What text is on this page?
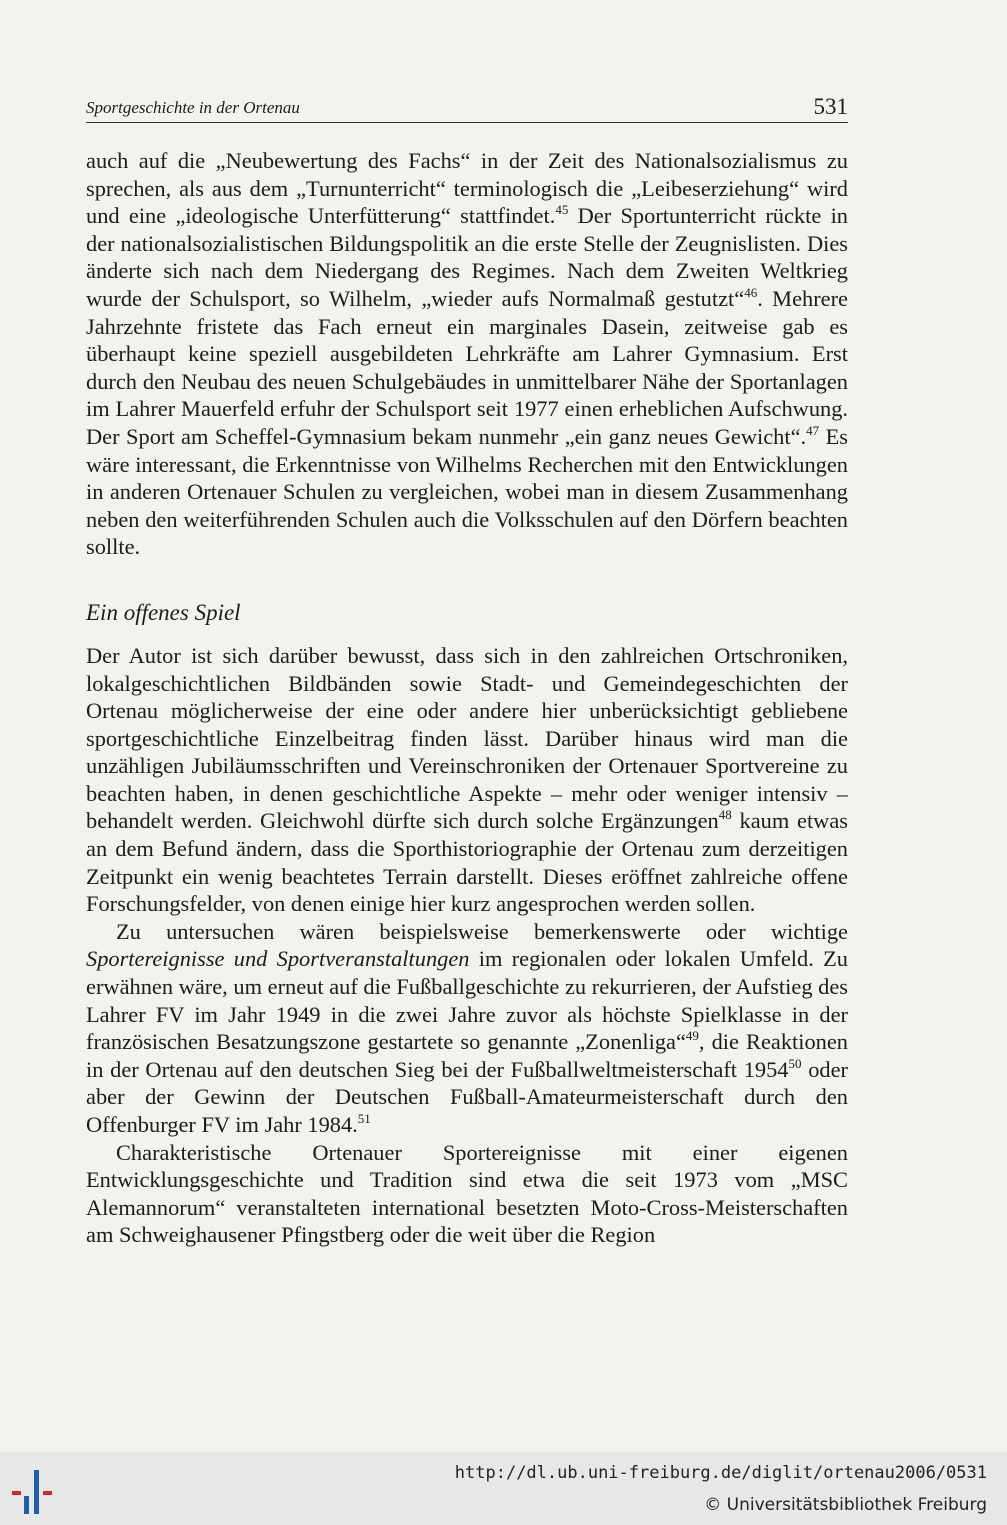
Sportgeschichte in der Ortenau	531

auch auf die „Neubewertung des Fachs“ in der Zeit des Nationalsozialismus zu sprechen, als aus dem „Turnunterricht“ terminologisch die „Leibeserziehung“ wird und eine „ideologische Unterfütterung“ stattfindet.$^{45}$ Der Sportunterricht rückte in der nationalsozialistischen Bildungspolitik an die erste Stelle der Zeugnislisten. Dies änderte sich nach dem Niedergang des Regimes. Nach dem Zweiten Weltkrieg wurde der Schulsport, so Wilhelm, „wieder aufs Normalmaß gestutzt“$^{46}$. Mehrere Jahrzehnte fristete das Fach erneut ein marginales Dasein, zeitweise gab es überhaupt keine speziell ausgebildeten Lehrkräfte am Lahrer Gymnasium. Erst durch den Neubau des neuen Schulgebäudes in unmittelbarer Nähe der Sportanlagen im Lahrer Mauerfeld erfuhr der Schulsport seit 1977 einen erheblichen Aufschwung. Der Sport am Scheffel-Gymnasium bekam nunmehr „ein ganz neues Gewicht“.$^{47}$ Es wäre interessant, die Erkenntnisse von Wilhelms Recherchen mit den Entwicklungen in anderen Ortenauer Schulen zu vergleichen, wobei man in diesem Zusammenhang neben den weiterführenden Schulen auch die Volksschulen auf den Dörfern beachten sollte.

Ein offenes Spiel

Der Autor ist sich darüber bewusst, dass sich in den zahlreichen Ortschroniken, lokalgeschichtlichen Bildbänden sowie Stadt- und Gemeindegeschichten der Ortenau möglicherweise der eine oder andere hier unberücksichtigt gebliebene sportgeschichtliche Einzelbeitrag finden lässt. Darüber hinaus wird man die unzähligen Jubiläumsschriften und Vereinschroniken der Ortenauer Sportvereine zu beachten haben, in denen geschichtliche Aspekte – mehr oder weniger intensiv – behandelt werden. Gleichwohl dürfte sich durch solche Ergänzungen$^{48}$ kaum etwas an dem Befund ändern, dass die Sporthistoriographie der Ortenau zum derzeitigen Zeitpunkt ein wenig beachtetes Terrain darstellt. Dieses eröffnet zahlreiche offene Forschungsfelder, von denen einige hier kurz angesprochen werden sollen.

Zu untersuchen wären beispielsweise bemerkenswerte oder wichtige Sportereignisse und Sportveranstaltungen im regionalen oder lokalen Umfeld. Zu erwähnen wäre, um erneut auf die Fußballgeschichte zu rekurrieren, der Aufstieg des Lahrer FV im Jahr 1949 in die zwei Jahre zuvor als höchste Spielklasse in der französischen Besatzungszone gestartete so genannte „Zonenliga“$^{49}$, die Reaktionen in der Ortenau auf den deutschen Sieg bei der Fußballweltmeisterschaft 1954$^{50}$ oder aber der Gewinn der Deutschen Fußball-Amateurmeisterschaft durch den Offenburger FV im Jahr 1984.51

Charakteristische Ortenauer Sportereignisse mit einer eigenen Entwicklungsgeschichte und Tradition sind etwa die seit 1973 vom „MSC Alemannorum“ veranstalteten international besetzten Moto-Cross-Meisterschaften am Schweighausener Pfingstberg oder die weit über die Region

http://dl.ub.uni-freiburg.de/diglit/ortenau2006/0531
© Universitätsbibliothek Freiburg
